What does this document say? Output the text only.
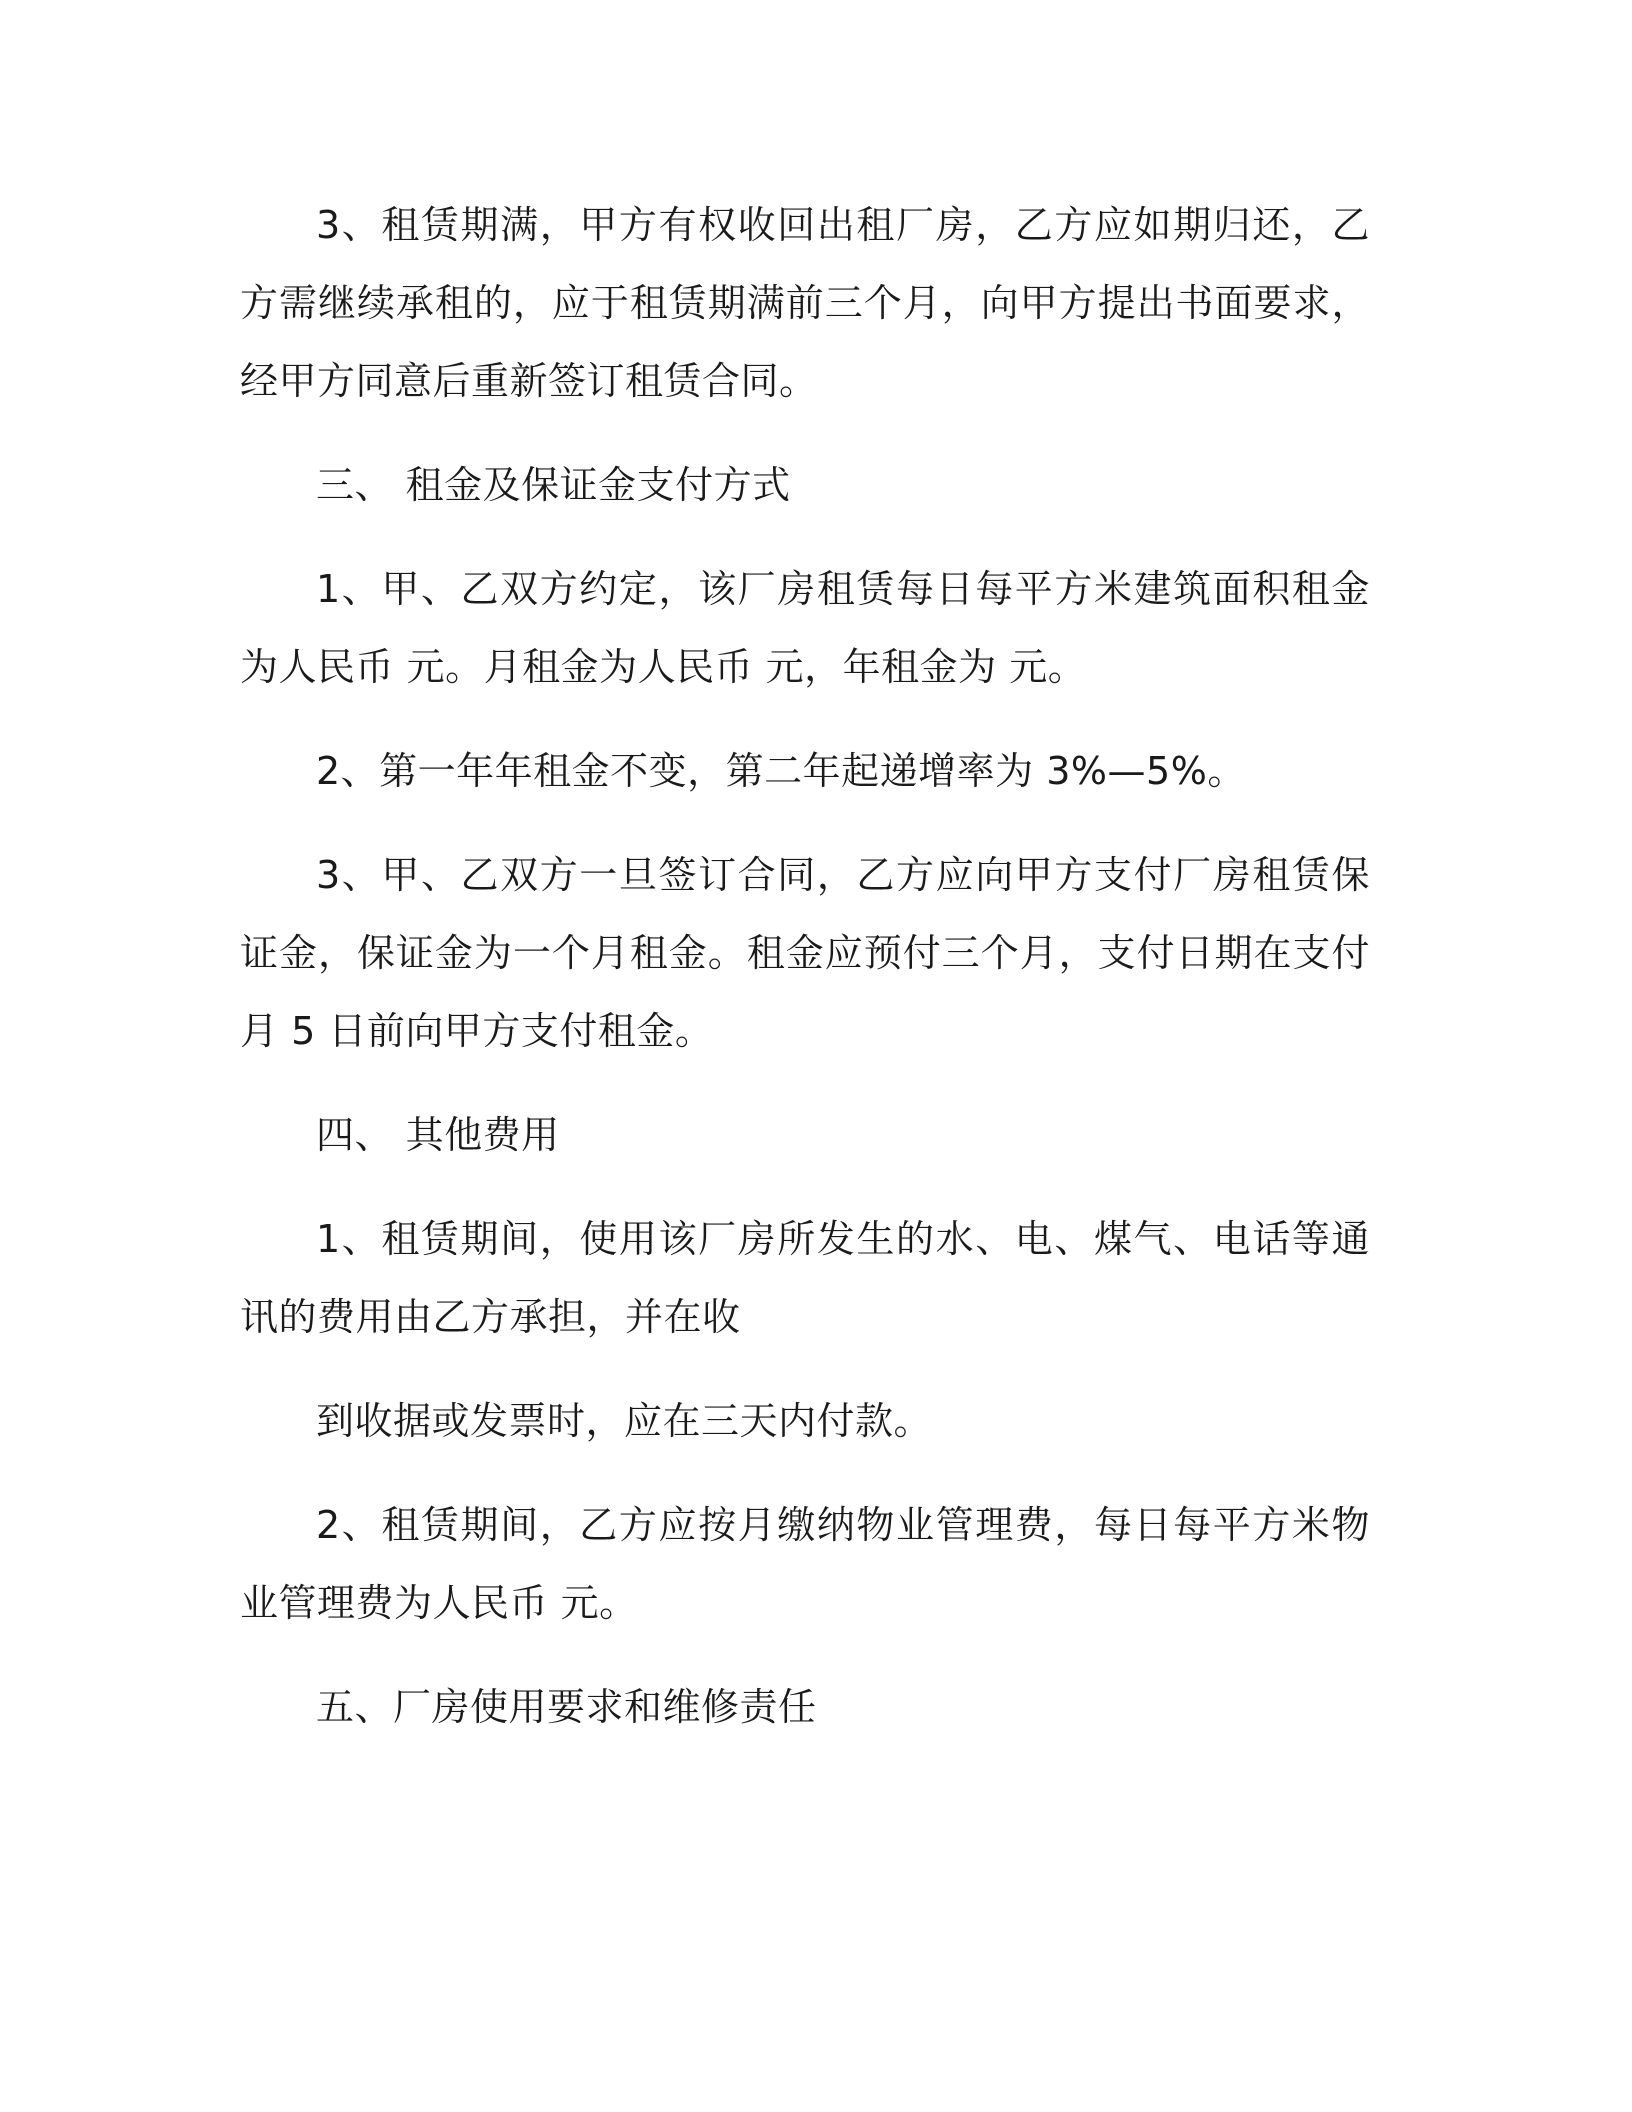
3、租赁期满，甲方有权收回出租厂房，乙方应如期归还，乙方需继续承租的，应于租赁期满前三个月，向甲方提出书面要求，经甲方同意后重新签订租赁合同。

三、 租金及保证金支付方式

1、甲、乙双方约定，该厂房租赁每日每平方米建筑面积租金为人民币 元。月租金为人民币 元，年租金为 元。

2、第一年年租金不变，第二年起递增率为 3%—5%。

3、甲、乙双方一旦签订合同，乙方应向甲方支付厂房租赁保证金，保证金为一个月租金。租金应预付三个月，支付日期在支付月 5 日前向甲方支付租金。

四、 其他费用

1、租赁期间，使用该厂房所发生的水、电、煤气、电话等通讯的费用由乙方承担，并在收

到收据或发票时，应在三天内付款。

2、租赁期间，乙方应按月缴纳物业管理费，每日每平方米物业管理费为人民币 元。

五、厂房使用要求和维修责任
